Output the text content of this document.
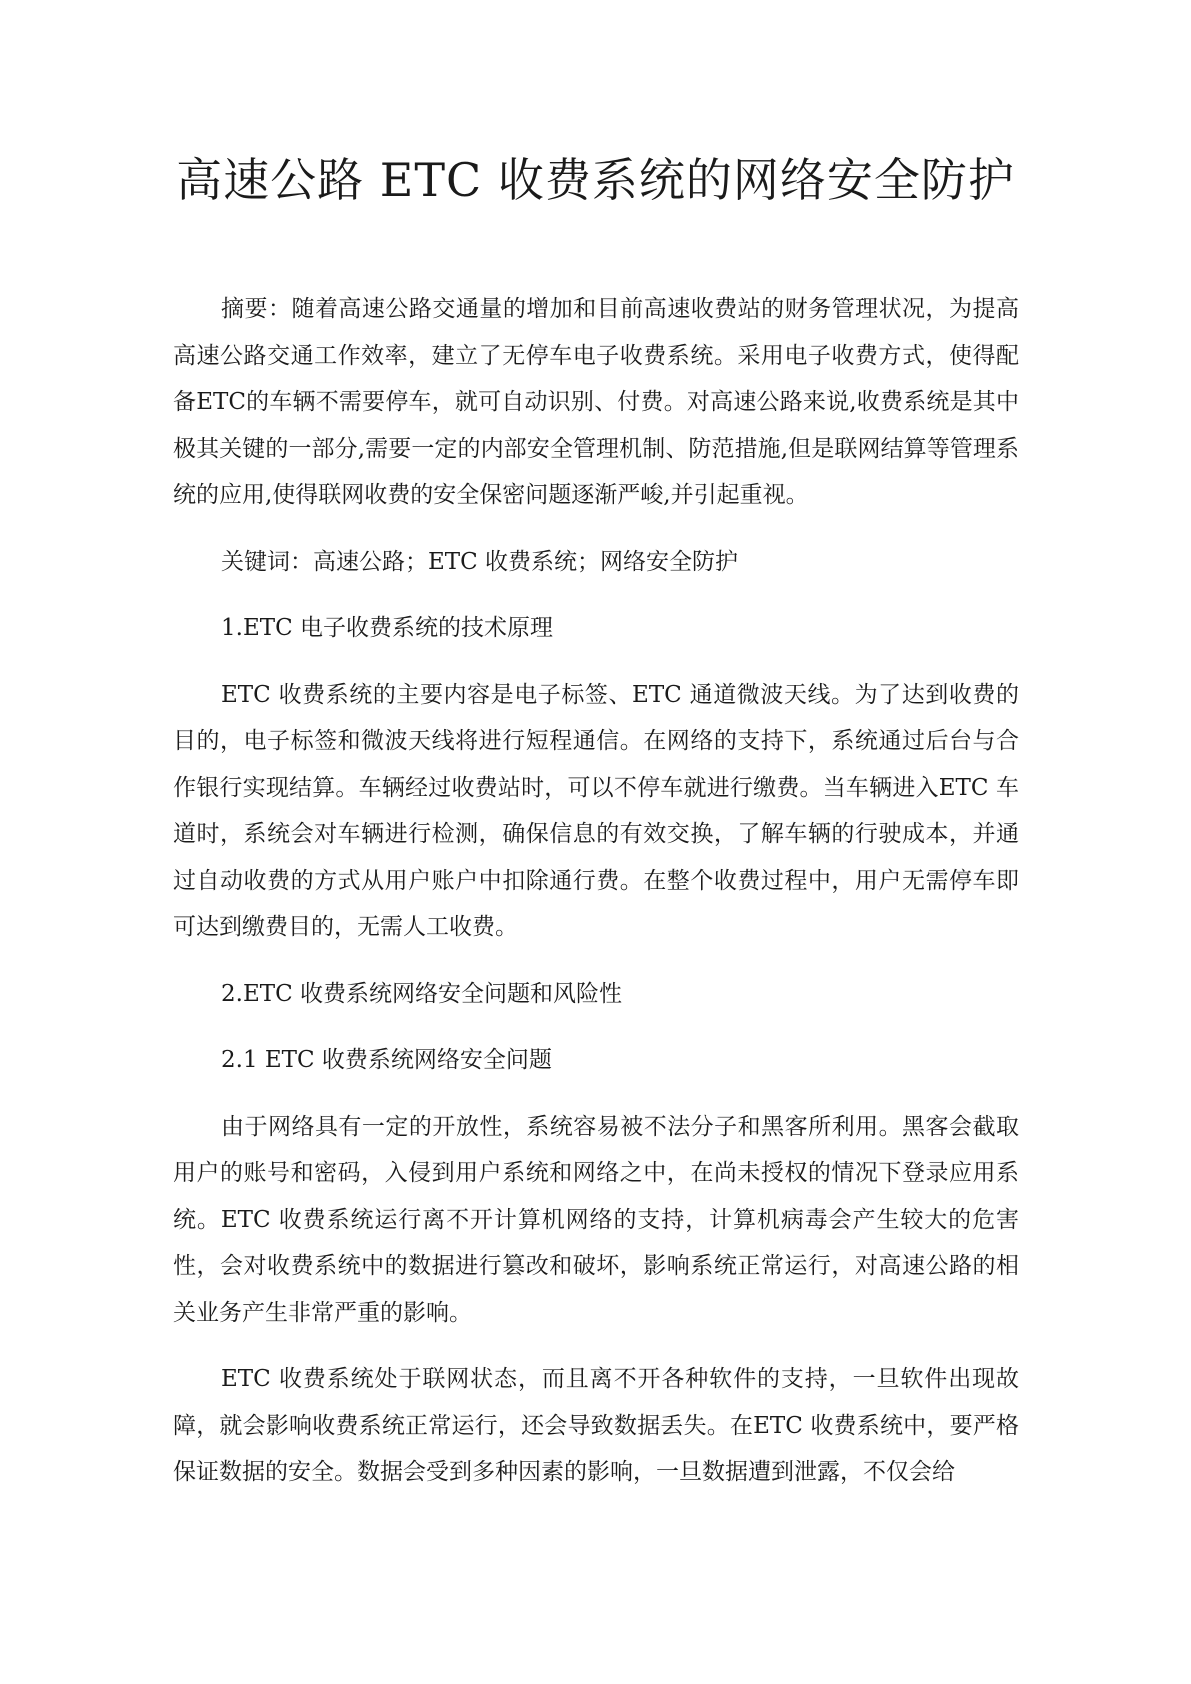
高速公路 ETC 收费系统的网络安全防护

摘要：随着高速公路交通量的增加和目前高速收费站的财务管理状况，为提高高速公路交通工作效率，建立了无停车电子收费系统。采用电子收费方式，使得配备ETC的车辆不需要停车，就可自动识别、付费。对高速公路来说,收费系统是其中极其关键的一部分,需要一定的内部安全管理机制、防范措施,但是联网结算等管理系统的应用,使得联网收费的安全保密问题逐渐严峻,并引起重视。

关键词：高速公路；ETC 收费系统；网络安全防护

1.ETC 电子收费系统的技术原理

ETC 收费系统的主要内容是电子标签、ETC 通道微波天线。为了达到收费的目的，电子标签和微波天线将进行短程通信。在网络的支持下，系统通过后台与合作银行实现结算。车辆经过收费站时，可以不停车就进行缴费。当车辆进入ETC 车道时，系统会对车辆进行检测，确保信息的有效交换，了解车辆的行驶成本，并通过自动收费的方式从用户账户中扣除通行费。在整个收费过程中，用户无需停车即可达到缴费目的，无需人工收费。

2.ETC 收费系统网络安全问题和风险性

2.1 ETC 收费系统网络安全问题

由于网络具有一定的开放性，系统容易被不法分子和黑客所利用。黑客会截取用户的账号和密码，入侵到用户系统和网络之中，在尚未授权的情况下登录应用系统。ETC 收费系统运行离不开计算机网络的支持，计算机病毒会产生较大的危害性，会对收费系统中的数据进行篡改和破坏，影响系统正常运行，对高速公路的相关业务产生非常严重的影响。

ETC 收费系统处于联网状态，而且离不开各种软件的支持，一旦软件出现故障，就会影响收费系统正常运行，还会导致数据丢失。在ETC 收费系统中，要严格保证数据的安全。数据会受到多种因素的影响，一旦数据遭到泄露，不仅会给
